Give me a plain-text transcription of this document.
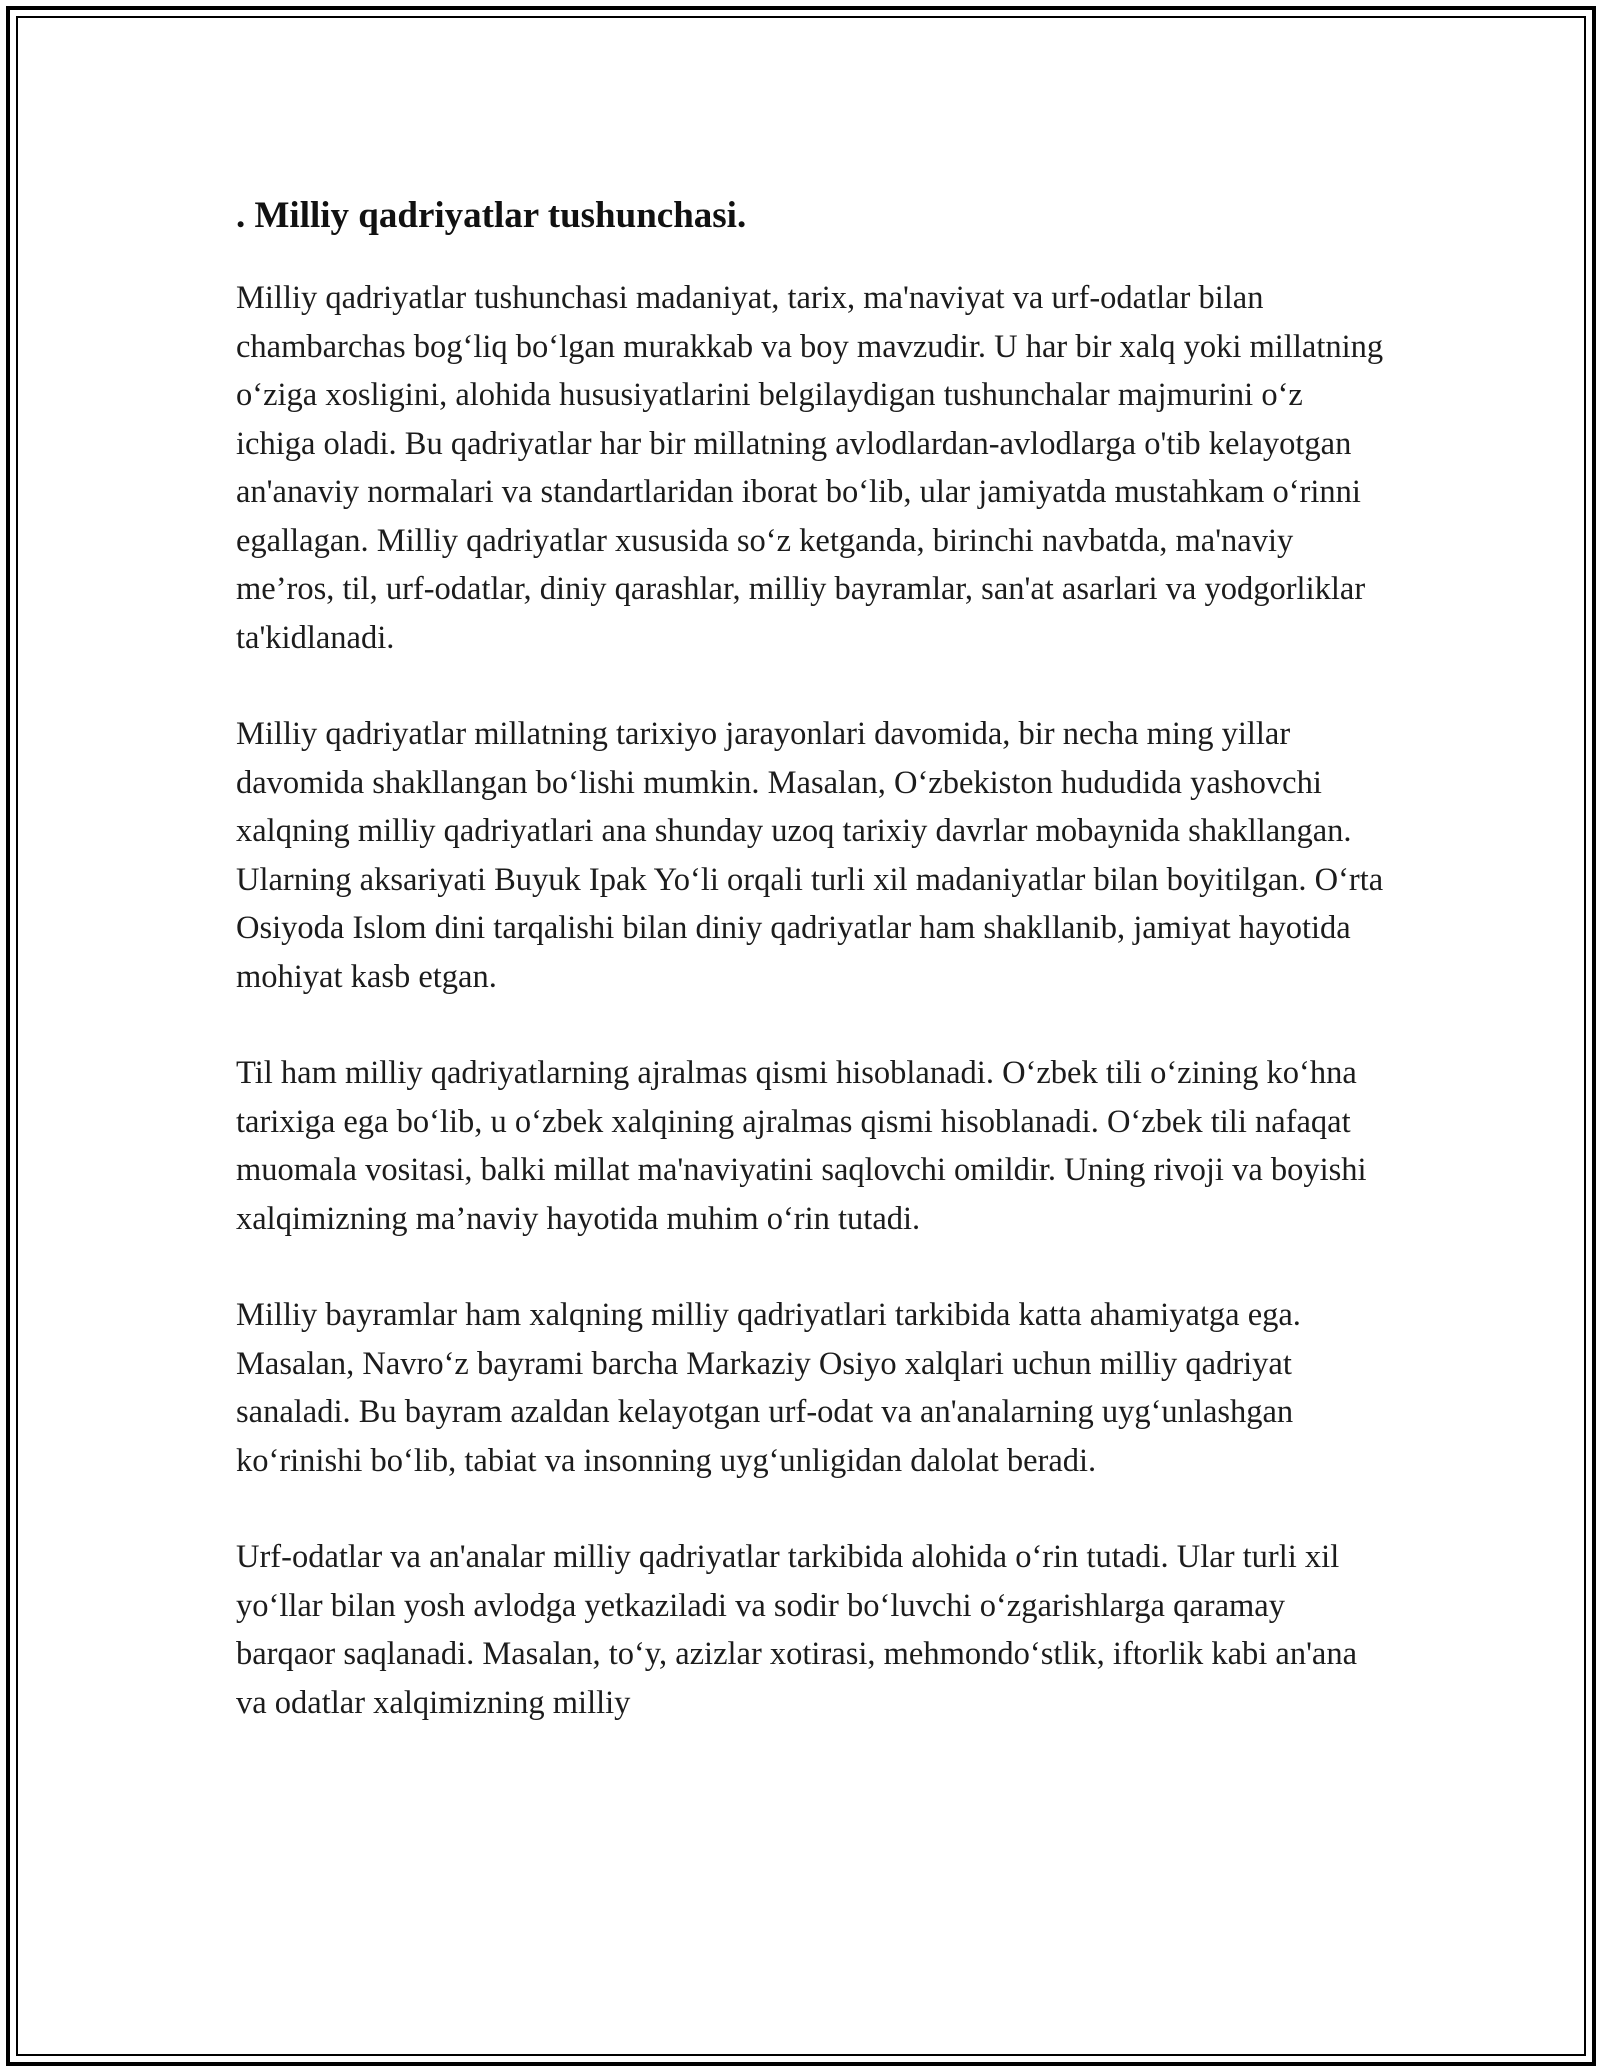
. Milliy qadriyatlar tushunchasi.

Milliy qadriyatlar tushunchasi madaniyat, tarix, ma'naviyat va urf-odatlar bilan chambarchas bog‘liq bo‘lgan murakkab va boy mavzudir. U har bir xalq yoki millatning o‘ziga xosligini, alohida hususiyatlarini belgilaydigan tushunchalar majmurini o‘z ichiga oladi. Bu qadriyatlar har bir millatning avlodlardan-avlodlarga o'tib kelayotgan an'anaviy normalari va standartlaridan iborat bo‘lib, ular jamiyatda mustahkam o‘rinni egallagan. Milliy qadriyatlar xususida so‘z ketganda, birinchi navbatda, ma'naviy me’ros, til, urf-odatlar, diniy qarashlar, milliy bayramlar, san'at asarlari va yodgorliklar ta'kidlanadi.

Milliy qadriyatlar millatning tarixiyo jarayonlari davomida, bir necha ming yillar davomida shakllangan bo‘lishi mumkin. Masalan, O‘zbekiston hududida yashovchi xalqning milliy qadriyatlari ana shunday uzoq tarixiy davrlar mobaynida shakllangan. Ularning aksariyati Buyuk Ipak Yo‘li orqali turli xil madaniyatlar bilan boyitilgan. O‘rta Osiyoda Islom dini tarqalishi bilan diniy qadriyatlar ham shakllanib, jamiyat hayotida mohiyat kasb etgan.

Til ham milliy qadriyatlarning ajralmas qismi hisoblanadi. O‘zbek tili o‘zining ko‘hna tarixiga ega bo‘lib, u o‘zbek xalqining ajralmas qismi hisoblanadi. O‘zbek tili nafaqat muomala vositasi, balki millat ma'naviyatini saqlovchi omildir. Uning rivoji va boyishi xalqimizning ma’naviy hayotida muhim o‘rin tutadi.

Milliy bayramlar ham xalqning milliy qadriyatlari tarkibida katta ahamiyatga ega. Masalan, Navro‘z bayrami barcha Markaziy Osiyo xalqlari uchun milliy qadriyat sanaladi. Bu bayram azaldan kelayotgan urf-odat va an'analarning uyg‘unlashgan ko‘rinishi bo‘lib, tabiat va insonning uyg‘unligidan dalolat beradi.

Urf-odatlar va an'analar milliy qadriyatlar tarkibida alohida o‘rin tutadi. Ular turli xil yo‘llar bilan yosh avlodga yetkaziladi va sodir bo‘luvchi o‘zgarishlarga qaramay barqaor saqlanadi. Masalan, to‘y, azizlar xotirasi, mehmondo‘stlik, iftorlik kabi an'ana va odatlar xalqimizning milliy
